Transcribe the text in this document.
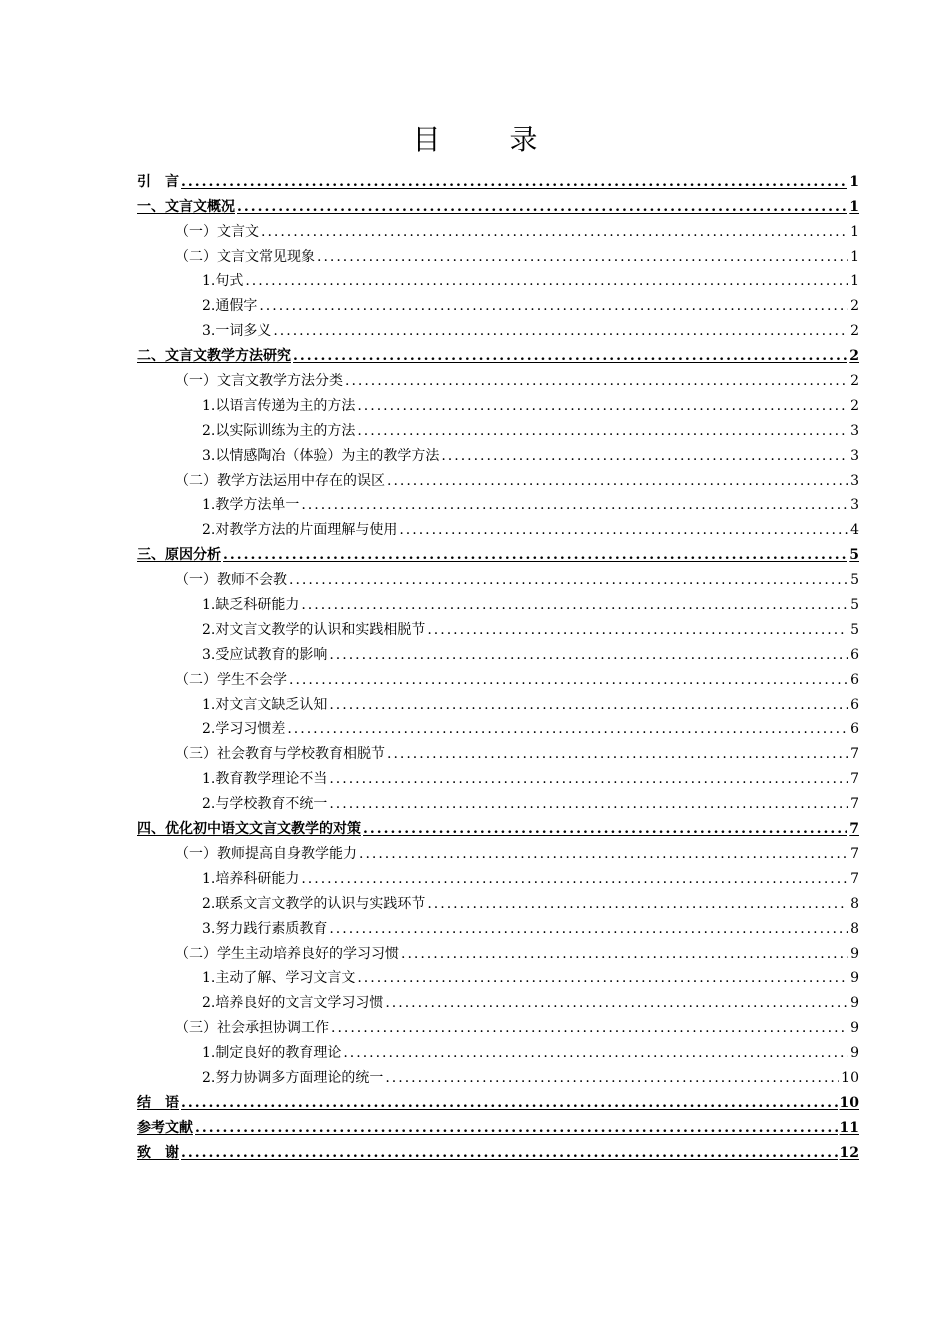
目 录
引　言 .....	1
一、文言文概况 .....	1
（一）文言文 .....	1
（二）文言文常见现象 .....	1
1.句式 .....	1
2.通假字 .....	2
3.一词多义 .....	2
二、文言文教学方法研究 .....	2
（一）文言文教学方法分类 .....	2
1.以语言传递为主的方法 .....	2
2.以实际训练为主的方法 .....	3
3.以情感陶冶（体验）为主的教学方法 .....	3
（二）教学方法运用中存在的误区 .....	3
1.教学方法单一 .....	3
2.对教学方法的片面理解与使用 .....	4
三、原因分析 .....	5
（一）教师不会教 .....	5
1.缺乏科研能力 .....	5
2.对文言文教学的认识和实践相脱节 .....	5
3.受应试教育的影响 .....	6
（二）学生不会学 .....	6
1.对文言文缺乏认知 .....	6
2.学习习惯差 .....	6
（三）社会教育与学校教育相脱节 .....	7
1.教育教学理论不当 .....	7
2.与学校教育不统一 .....	7
四、优化初中语文文言文教学的对策 .....	7
（一）教师提高自身教学能力 .....	7
1.培养科研能力 .....	7
2.联系文言文教学的认识与实践环节 .....	8
3.努力践行素质教育 .....	8
（二）学生主动培养良好的学习习惯 .....	9
1.主动了解、学习文言文 .....	9
2.培养良好的文言文学习习惯 .....	9
（三）社会承担协调工作 .....	9
1.制定良好的教育理论 .....	9
2.努力协调多方面理论的统一 .....	10
结　语 .....	10
参考文献 .....	11
致　谢 .....	12
